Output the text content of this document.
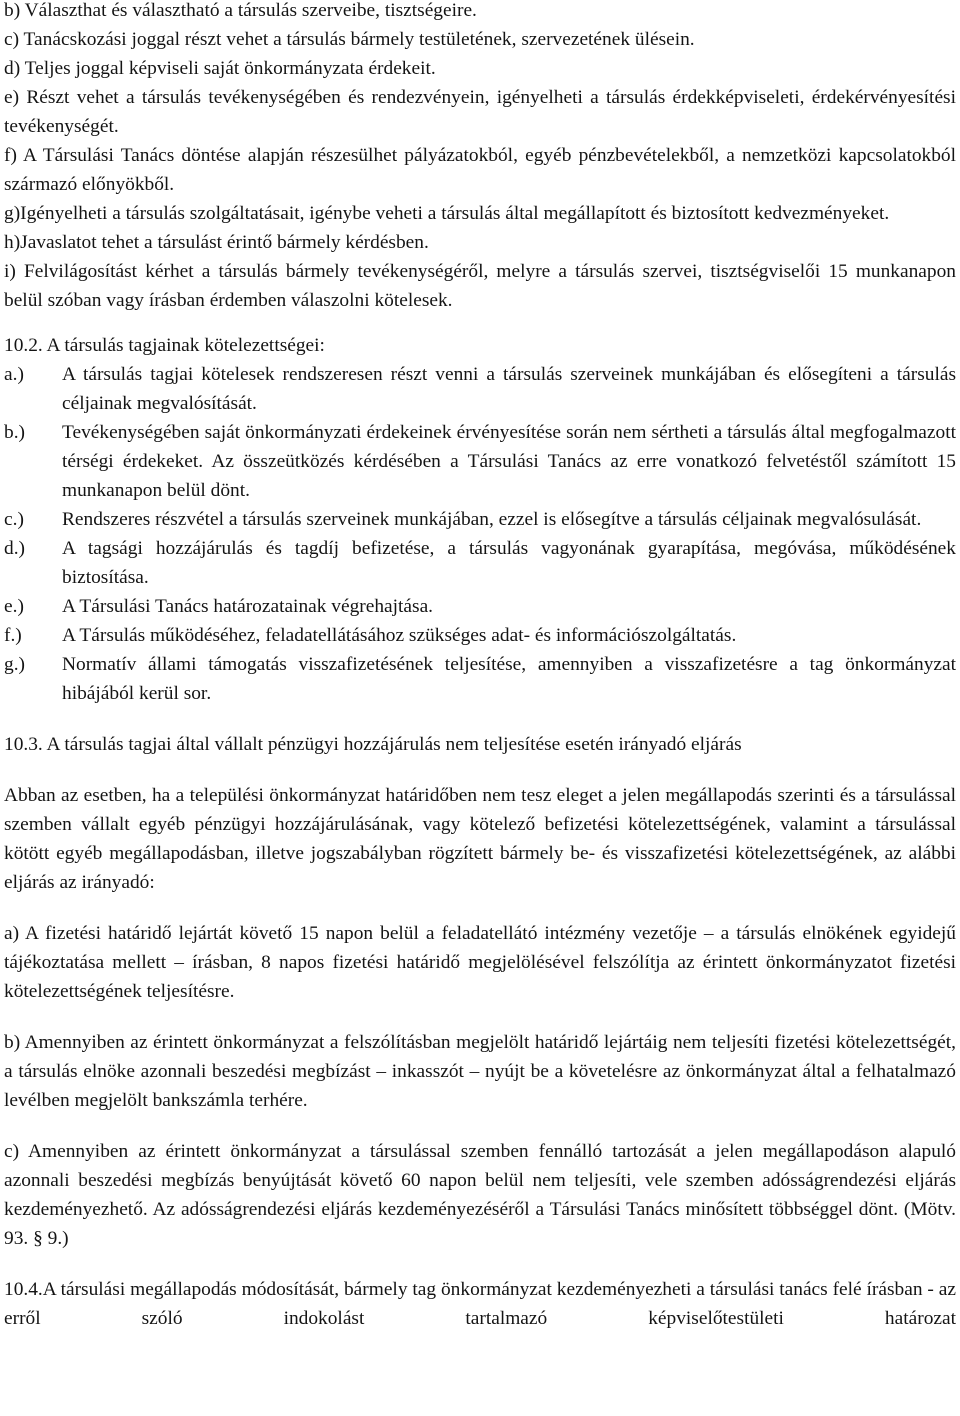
b) Választhat és választható a társulás szerveibe, tisztségeire.

c) Tanácskozási joggal részt vehet a társulás bármely testületének, szervezetének ülésein.

d) Teljes joggal képviseli saját önkormányzata érdekeit.

e) Részt vehet a társulás tevékenységében és rendezvényein, igényelheti a társulás érdekképviseleti, érdekérvényesítési tevékenységét.

f) A Társulási Tanács döntése alapján részesülhet pályázatokból, egyéb pénzbevételekből, a nemzetközi kapcsolatokból származó előnyökből.

g)Igényelheti a társulás szolgáltatásait, igénybe veheti a társulás által megállapított és biztosított kedvezményeket.

h)Javaslatot tehet a társulást érintő bármely kérdésben.

i) Felvilágosítást kérhet a társulás bármely tevékenységéről, melyre a társulás szervei, tisztségviselői 15 munkanapon belül szóban vagy írásban érdemben válaszolni kötelesek.

10.2. A társulás tagjainak kötelezettségei:

a.)	A társulás tagjai kötelesek rendszeresen részt venni a társulás szerveinek munkájában és elősegíteni a társulás céljainak megvalósítását.

b.)	Tevékenységében saját önkormányzati érdekeinek érvényesítése során nem sértheti a társulás által megfogalmazott térségi érdekeket. Az összeütközés kérdésében a Társulási Tanács az erre vonatkozó felvetéstől számított 15 munkanapon belül dönt.

c.)	Rendszeres részvétel a társulás szerveinek munkájában, ezzel is elősegítve a társulás céljainak megvalósulását.

d.)	A tagsági hozzájárulás és tagdíj befizetése, a társulás vagyonának gyarapítása, megóvása, működésének biztosítása.

e.)	A Társulási Tanács határozatainak végrehajtása.

f.)	A Társulás működéséhez, feladatellátásához szükséges adat- és információszolgáltatás.

g.)	Normatív állami támogatás visszafizetésének teljesítése, amennyiben a visszafizetésre a tag önkormányzat hibájából kerül sor.

10.3. A társulás tagjai által vállalt pénzügyi hozzájárulás nem teljesítése esetén irányadó eljárás

Abban az esetben, ha a települési önkormányzat határidőben nem tesz eleget a jelen megállapodás szerinti és a társulással szemben vállalt egyéb pénzügyi hozzájárulásának, vagy kötelező befizetési kötelezettségének, valamint a társulással kötött egyéb megállapodásban, illetve jogszabályban rögzített bármely be- és visszafizetési kötelezettségének, az alábbi eljárás az irányadó:

a) A fizetési határidő lejártát követő 15 napon belül a feladatellátó intézmény vezetője – a társulás elnökének egyidejű tájékoztatása mellett – írásban, 8 napos fizetési határidő megjelölésével felszólítja az érintett önkormányzatot fizetési kötelezettségének teljesítésre.

b) Amennyiben az érintett önkormányzat a felszólításban megjelölt határidő lejártáig nem teljesíti fizetési kötelezettségét, a társulás elnöke azonnali beszedési megbízást – inkasszót – nyújt be a követelésre az önkormányzat által a felhatalmazó levélben megjelölt bankszámla terhére.

c) Amennyiben az érintett önkormányzat a társulással szemben fennálló tartozását a jelen megállapodáson alapuló azonnali beszedési megbízás benyújtását követő 60 napon belül nem teljesíti, vele szemben adósságrendezési eljárás kezdeményezhető. Az adósságrendezési eljárás kezdeményezéséről a Társulási Tanács minősített többséggel dönt. (Mötv. 93. § 9.)

10.4.A társulási megállapodás módosítását, bármely tag önkormányzat kezdeményezheti a társulási tanács felé írásban - az erről szóló indokolást tartalmazó képviselőtestületi határozat
